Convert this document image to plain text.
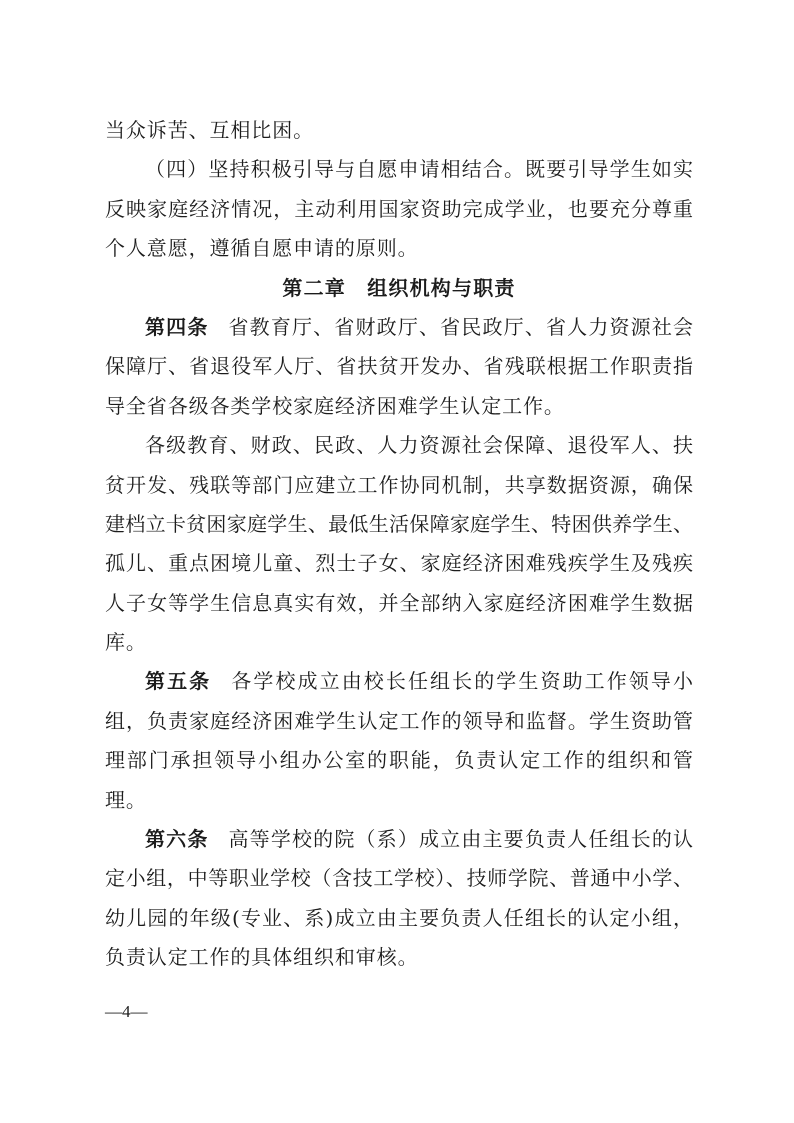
当众诉苦、互相比困。
（四）坚持积极引导与自愿申请相结合。既要引导学生如实
反映家庭经济情况，主动利用国家资助完成学业，也要充分尊重
个人意愿，遵循自愿申请的原则。
第二章　组织机构与职责
第四条 省教育厅、省财政厅、省民政厅、省人力资源社会
保障厅、省退役军人厅、省扶贫开发办、省残联根据工作职责指
导全省各级各类学校家庭经济困难学生认定工作。
各级教育、财政、民政、人力资源社会保障、退役军人、扶
贫开发、残联等部门应建立工作协同机制，共享数据资源，确保
建档立卡贫困家庭学生、最低生活保障家庭学生、特困供养学生、
孤儿、重点困境儿童、烈士子女、家庭经济困难残疾学生及残疾
人子女等学生信息真实有效，并全部纳入家庭经济困难学生数据
库。
第五条 各学校成立由校长任组长的学生资助工作领导小
组，负责家庭经济困难学生认定工作的领导和监督。学生资助管
理部门承担领导小组办公室的职能，负责认定工作的组织和管
理。
第六条 高等学校的院（系）成立由主要负责人任组长的认
定小组，中等职业学校（含技工学校）、技师学院、普通中小学、
幼儿园的年级(专业、系)成立由主要负责人任组长的认定小组，
负责认定工作的具体组织和审核。
—4—
